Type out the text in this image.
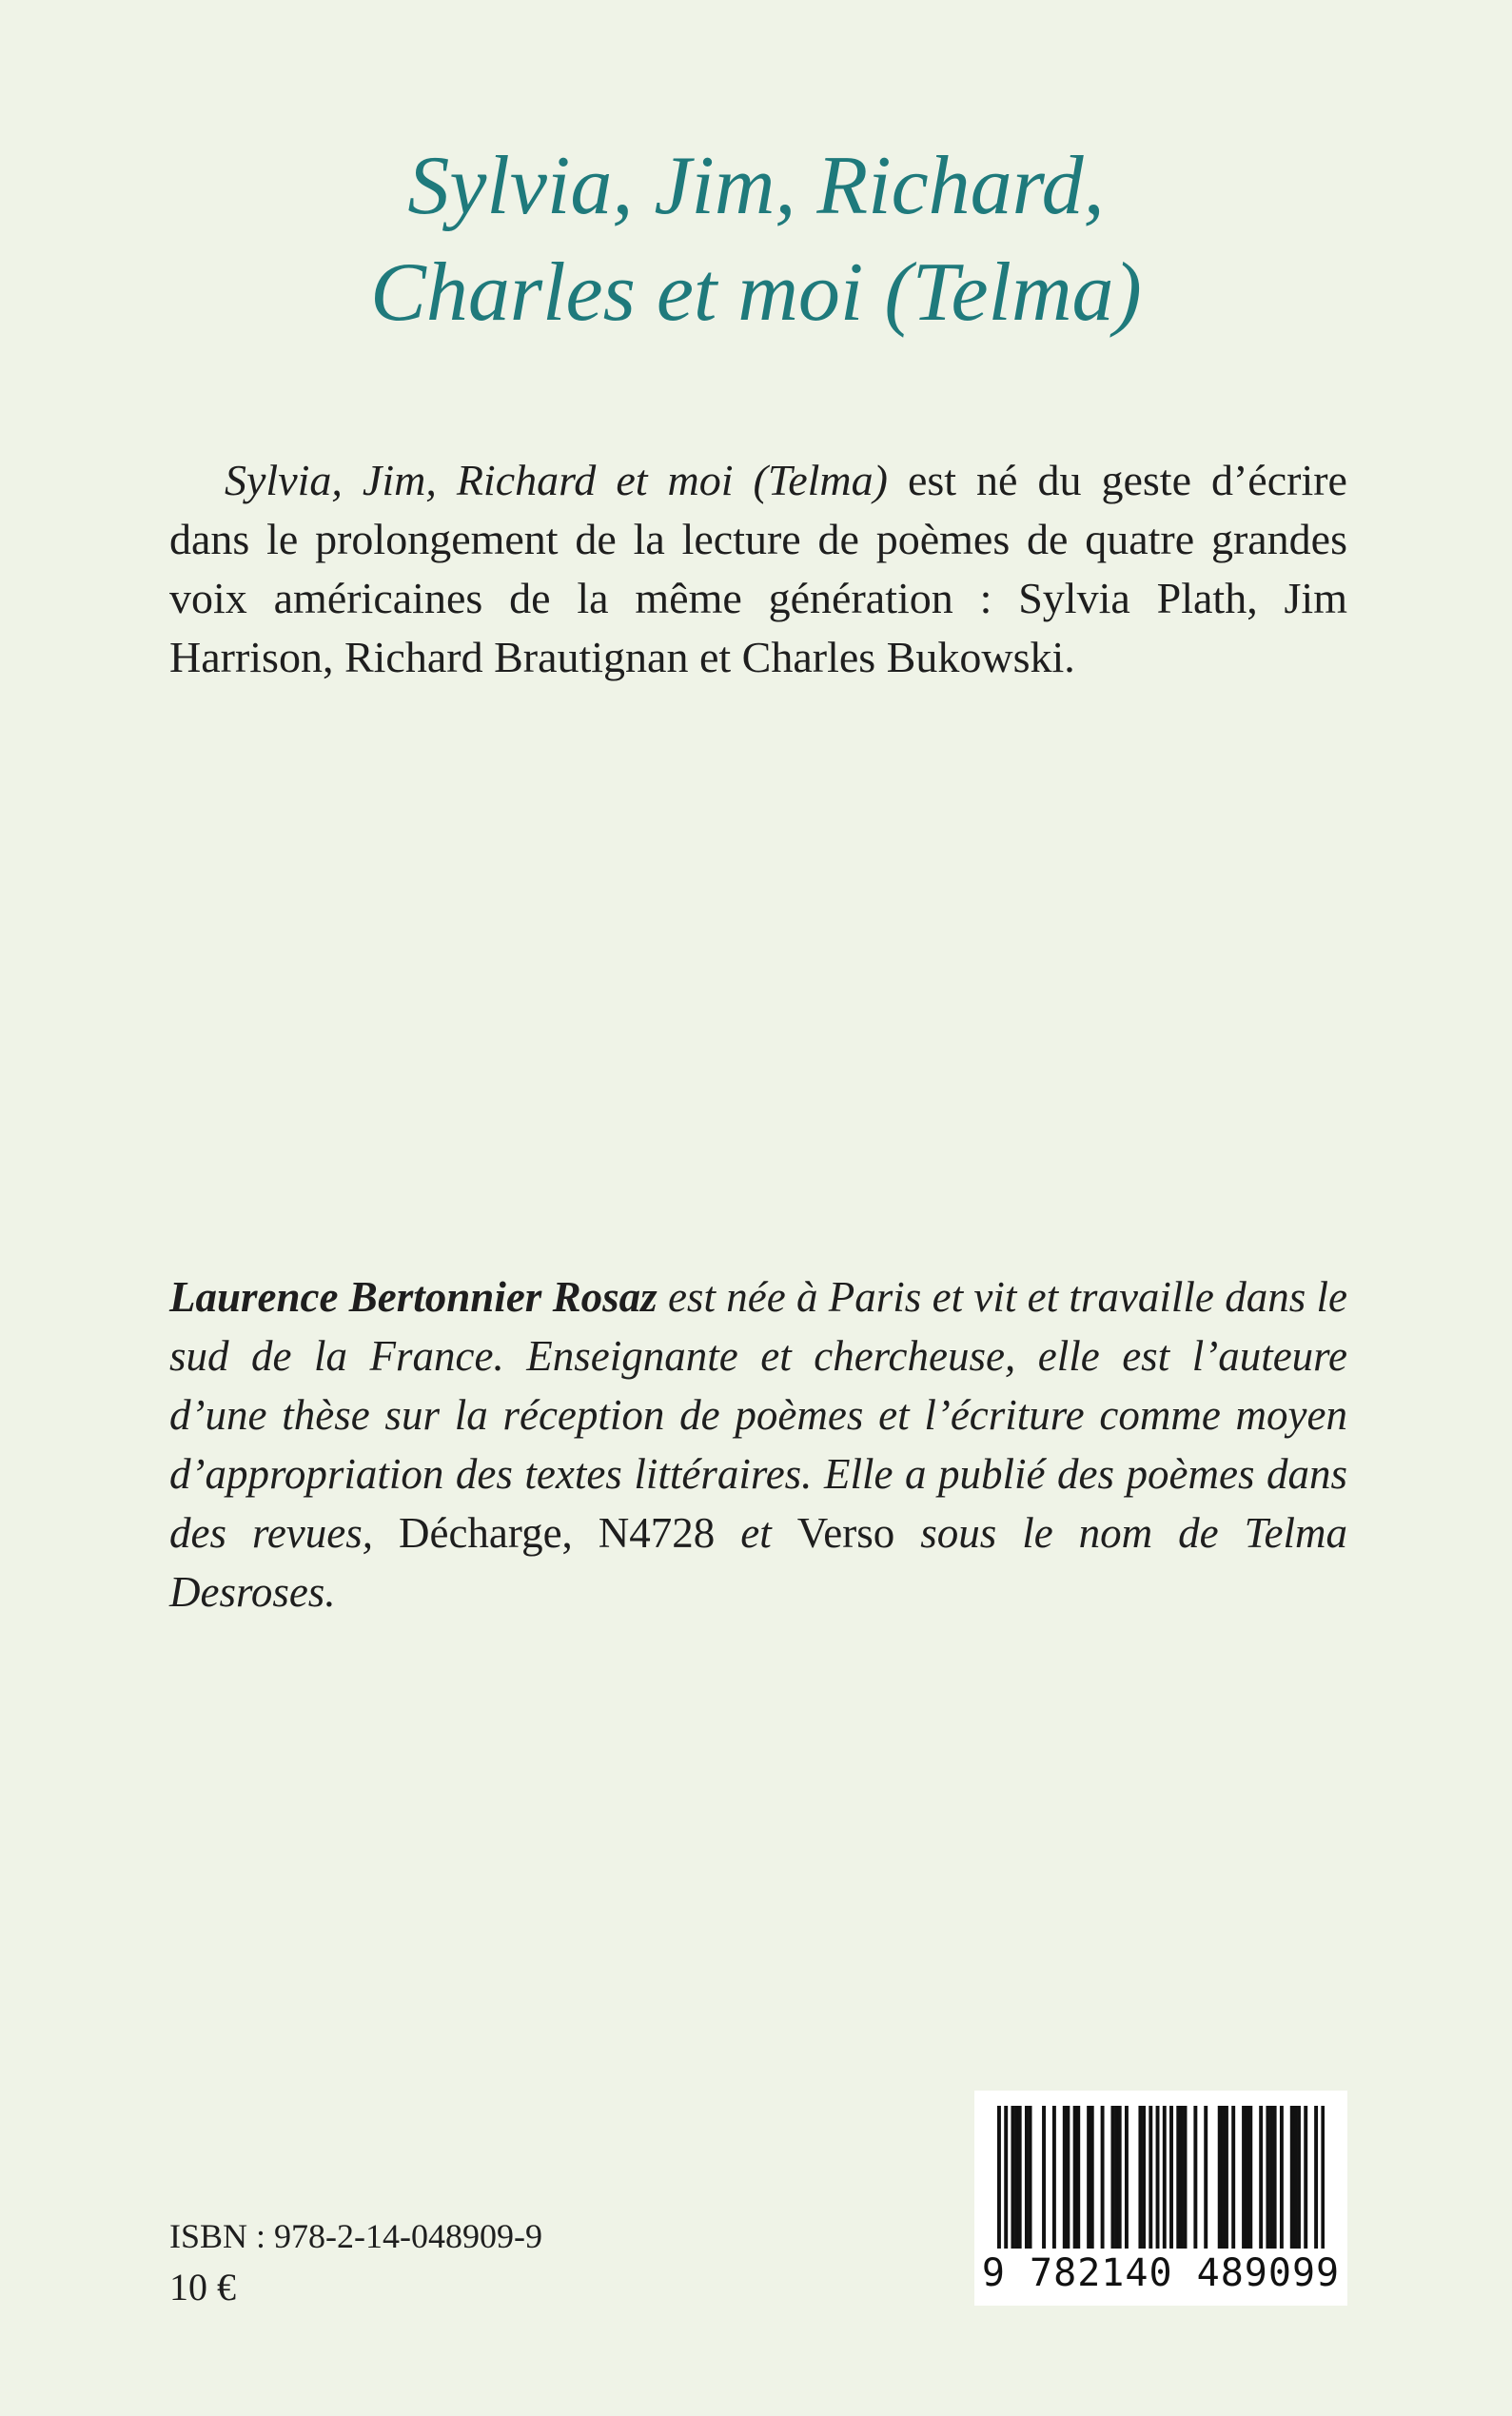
Sylvia, Jim, Richard,
Charles et moi (Telma)

Sylvia, Jim, Richard et moi (Telma) est né du geste d’écrire dans le prolongement de la lecture de poèmes de quatre grandes voix américaines de la même génération : Sylvia Plath, Jim Harrison, Richard Brautignan et Charles Bukowski.

Laurence Bertonnier Rosaz est née à Paris et vit et travaille dans le sud de la France. Enseignante et chercheuse, elle est l’auteure d’une thèse sur la réception de poèmes et l’écriture comme moyen d’appropriation des textes littéraires. Elle a publié des poèmes dans des revues, Décharge, N4728 et Verso sous le nom de Telma Desroses.

ISBN : 978-2-14-048909-9
10 €	9 782140 489099
